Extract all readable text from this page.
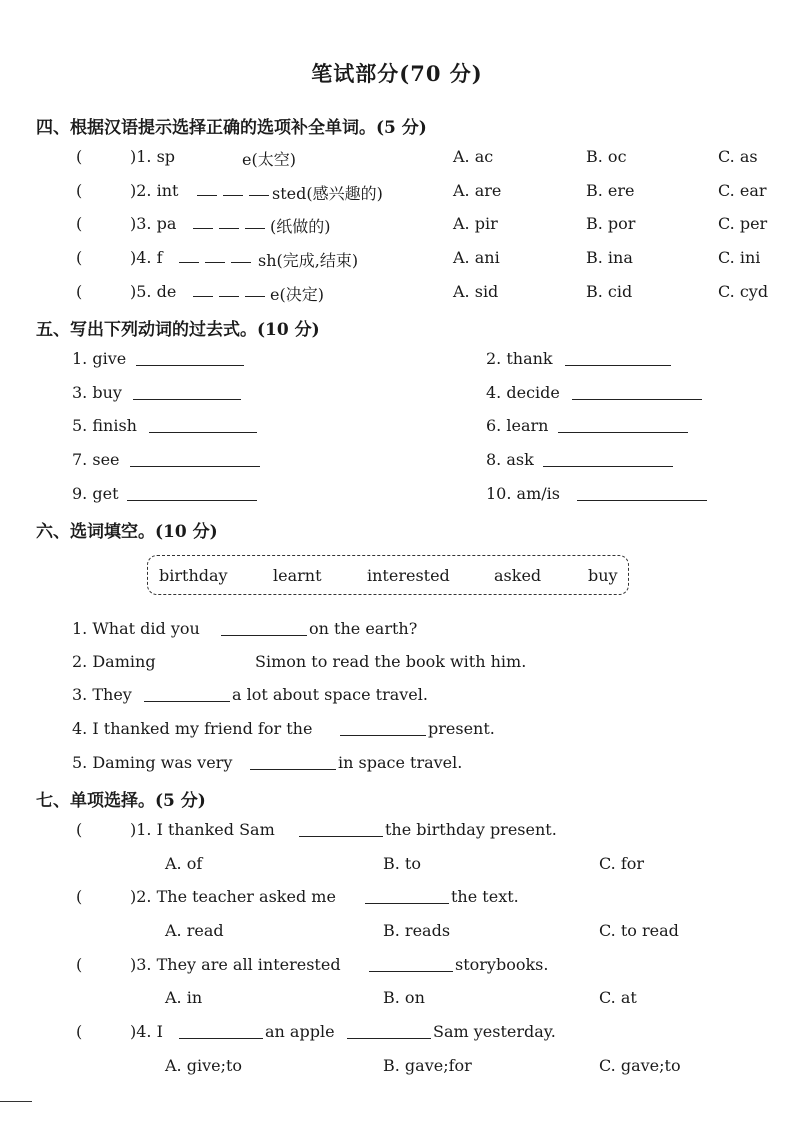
笔试部分(70 分)
四、根据汉语提示选择正确的选项补全单词。(5 分)
(	)1. sp	e(太空)	A. ac	B. oc	C. as
(	)2. int	sted(感兴趣的)	A. are	B. ere	C. ear
(	)3. pa	(纸做的)	A. pir	B. por	C. per
(	)4. f	sh(完成,结束)	A. ani	B. ina	C. ini
(	)5. de	e(决定)	A. sid	B. cid	C. cyd
五、写出下列动词的过去式。(10 分)
1. give	2. thank
3. buy	4. decide
5. finish	6. learn
7. see	8. ask
9. get	10. am/is
六、选词填空。(10 分)
birthday	learnt	interested	asked	buy
1. What did you	on the earth?
2. Daming	Simon to read the book with him.
3. They	a lot about space travel.
4. I thanked my friend for the	present.
5. Daming was very	in space travel.
七、单项选择。(5 分)
(	)1. I thanked Sam	the birthday present.
A. of	B. to	C. for
(	)2. The teacher asked me	the text.
A. read	B. reads	C. to read
(	)3. They are all interested	storybooks.
A. in	B. on	C. at
(	)4. I	an apple	Sam yesterday.
A. give;to	B. gave;for	C. gave;to
